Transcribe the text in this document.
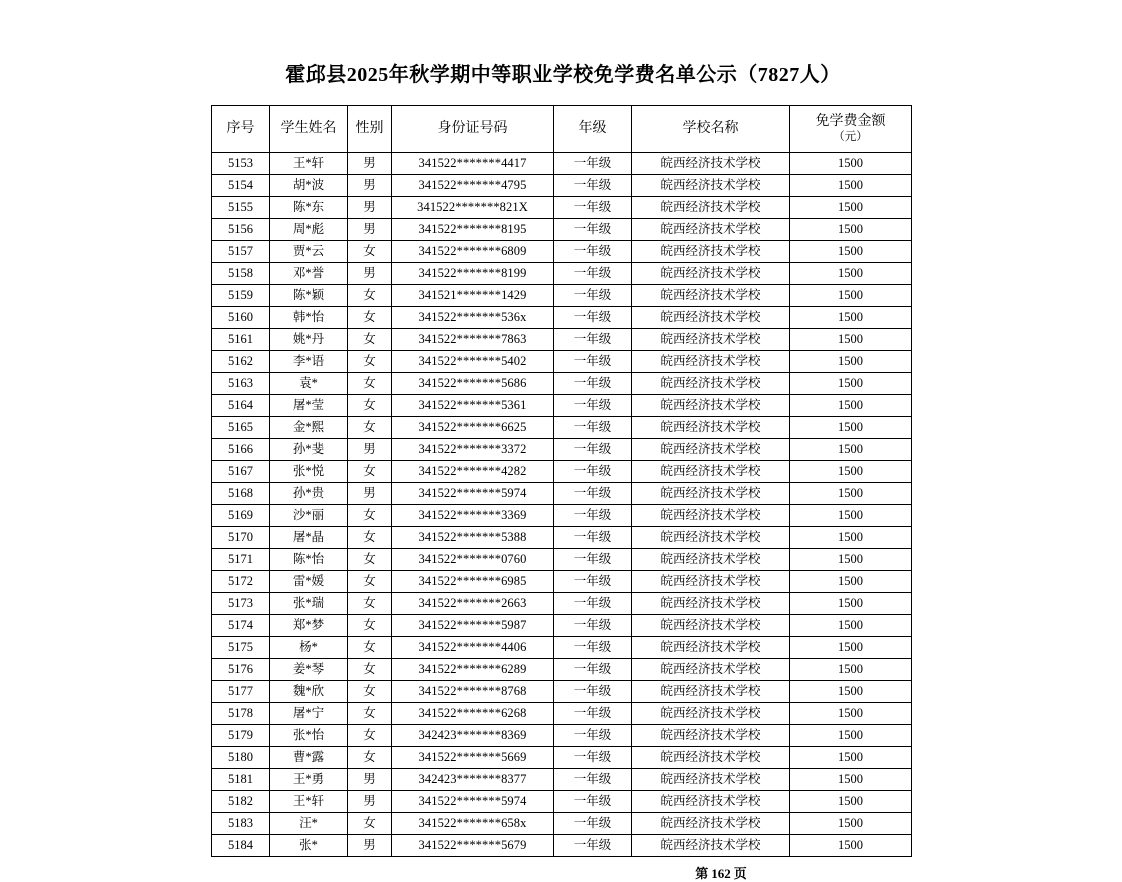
霍邱县2025年秋学期中等职业学校免学费名单公示（7827人）
序号	学生姓名	性别	身份证号码	年级	学校名称	免学费金额
（元）

5153	王*轩	男	341522*******4417	一年级	皖西经济技术学校	1500
5154	胡*波	男	341522*******4795	一年级	皖西经济技术学校	1500
5155	陈*东	男	341522*******821X	一年级	皖西经济技术学校	1500
5156	周*彪	男	341522*******8195	一年级	皖西经济技术学校	1500
5157	贾*云	女	341522*******6809	一年级	皖西经济技术学校	1500
5158	邓*誉	男	341522*******8199	一年级	皖西经济技术学校	1500
5159	陈*颖	女	341521*******1429	一年级	皖西经济技术学校	1500
5160	韩*怡	女	341522*******536x	一年级	皖西经济技术学校	1500
5161	姚*丹	女	341522*******7863	一年级	皖西经济技术学校	1500
5162	李*语	女	341522*******5402	一年级	皖西经济技术学校	1500
5163	袁*	女	341522*******5686	一年级	皖西经济技术学校	1500
5164	屠*莹	女	341522*******5361	一年级	皖西经济技术学校	1500
5165	金*熙	女	341522*******6625	一年级	皖西经济技术学校	1500
5166	孙*斐	男	341522*******3372	一年级	皖西经济技术学校	1500
5167	张*悦	女	341522*******4282	一年级	皖西经济技术学校	1500
5168	孙*贵	男	341522*******5974	一年级	皖西经济技术学校	1500
5169	沙*丽	女	341522*******3369	一年级	皖西经济技术学校	1500
5170	屠*晶	女	341522*******5388	一年级	皖西经济技术学校	1500
5171	陈*怡	女	341522*******0760	一年级	皖西经济技术学校	1500
5172	雷*媛	女	341522*******6985	一年级	皖西经济技术学校	1500
5173	张*瑞	女	341522*******2663	一年级	皖西经济技术学校	1500
5174	郑*梦	女	341522*******5987	一年级	皖西经济技术学校	1500
5175	杨*	女	341522*******4406	一年级	皖西经济技术学校	1500
5176	姜*琴	女	341522*******6289	一年级	皖西经济技术学校	1500
5177	魏*欣	女	341522*******8768	一年级	皖西经济技术学校	1500
5178	屠*宁	女	341522*******6268	一年级	皖西经济技术学校	1500
5179	张*怡	女	342423*******8369	一年级	皖西经济技术学校	1500
5180	曹*露	女	341522*******5669	一年级	皖西经济技术学校	1500
5181	王*勇	男	342423*******8377	一年级	皖西经济技术学校	1500
5182	王*轩	男	341522*******5974	一年级	皖西经济技术学校	1500
5183	汪*	女	341522*******658x	一年级	皖西经济技术学校	1500
5184	张*	男	341522*******5679	一年级	皖西经济技术学校	1500
第 162 页
